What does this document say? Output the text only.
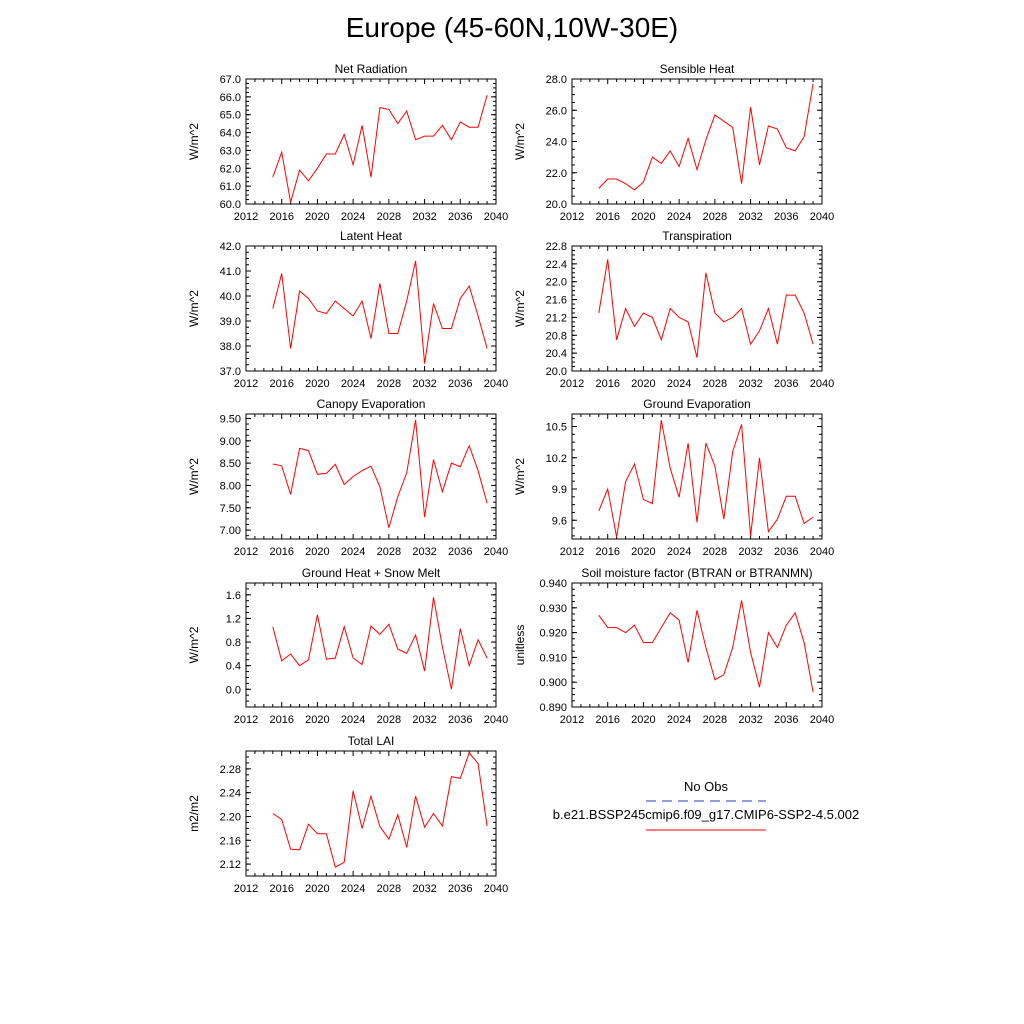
Europe (45-60N,10W-30E)
Net Radiation
W/m^2
2012 2016 2020 2024 2028 2032 2036 2040
60.0
61.0
62.0
63.0
64.0
65.0
66.0
67.0
Sensible Heat
W/m^2
2012 2016 2020 2024 2028 2032 2036 2040
20.0
22.0
24.0
26.0
28.0
Latent Heat
W/m^2
2012 2016 2020 2024 2028 2032 2036 2040
37.0
38.0
39.0
40.0
41.0
42.0
Transpiration
W/m^2
2012 2016 2020 2024 2028 2032 2036 2040
20.0
20.4
20.8
21.2
21.6
22.0
22.4
22.8
Canopy Evaporation
W/m^2
2012 2016 2020 2024 2028 2032 2036 2040
7.00
7.50
8.00
8.50
9.00
9.50
Ground Evaporation
W/m^2
2012 2016 2020 2024 2028 2032 2036 2040
9.6
9.9
10.2
10.5
Ground Heat + Snow Melt
W/m^2
2012 2016 2020 2024 2028 2032 2036 2040
0.0
0.4
0.8
1.2
1.6
Soil moisture factor (BTRAN or BTRANMN)
unitless
2012 2016 2020 2024 2028 2032 2036 2040
0.890
0.900
0.910
0.920
0.930
0.940
Total LAI
m2/m2
2012 2016 2020 2024 2028 2032 2036 2040
2.12
2.16
2.20
2.24
2.28
No Obs
b.e21.BSSP245cmip6.f09_g17.CMIP6-SSP2-4.5.002
